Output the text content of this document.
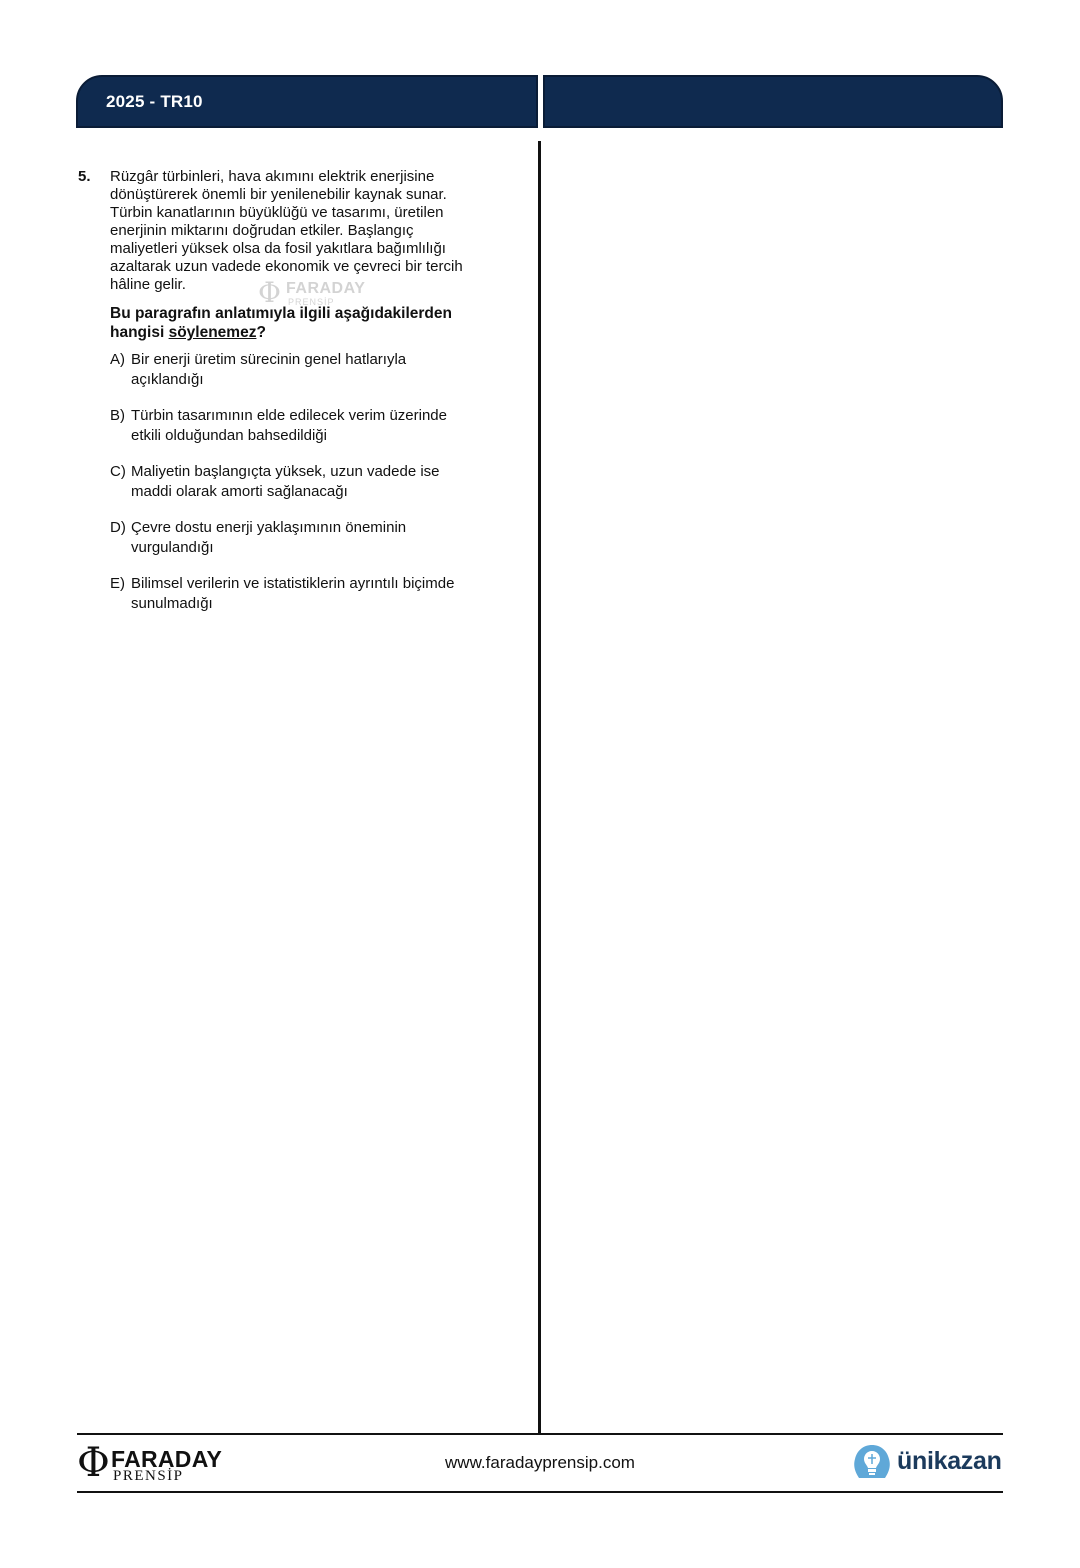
2025 - TR10
5. Rüzgâr türbinleri, hava akımını elektrik enerjisine
dönüştürerek önemli bir yenilenebilir kaynak sunar.
Türbin kanatlarının büyüklüğü ve tasarımı, üretilen
enerjinin miktarını doğrudan etkiler. Başlangıç
maliyetleri yüksek olsa da fosil yakıtlara bağımlılığı
azaltarak uzun vadede ekonomik ve çevreci bir tercih
hâline gelir.
Bu paragrafın anlatımıyla ilgili aşağıdakilerden
hangisi söylenemez?
A) Bir enerji üretim sürecinin genel hatlarıyla
açıklandığı
B) Türbin tasarımının elde edilecek verim üzerinde
etkili olduğundan bahsedildiği
C) Maliyetin başlangıçta yüksek, uzun vadede ise
maddi olarak amorti sağlanacağı
D) Çevre dostu enerji yaklaşımının öneminin
vurgulandığı
E) Bilimsel verilerin ve istatistiklerin ayrıntılı biçimde
sunulmadığı
Φ FARADAY
PRENSİP
Φ FARADAY
PRENSİP
www.faradayprensip.com	ünikazan
